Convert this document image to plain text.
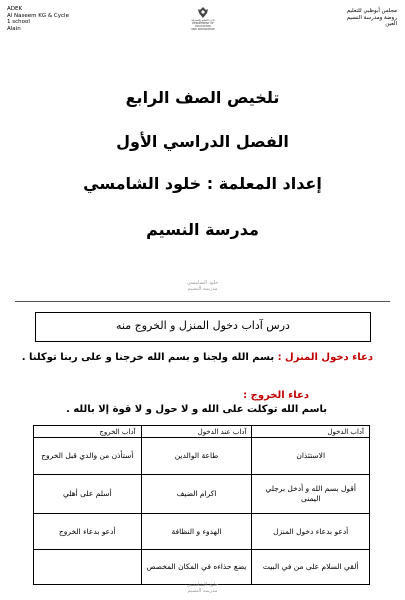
ADEK
Al Naseem KG & Cycle
1 school
Alain
دائرة التعليم والمعرفة
DEPARTMENT OF EDUCATION
AND KNOWLEDGE
مجلس أبوظبي للتعليم
روضة ومدرسة النسيم
العين
تلخيص الصف الرابع
الفصل الدراسي الأول
إعداد المعلمة : خلود الشامسي
مدرسة النسيم
خلود الشامسي
مدرسة النسيم
درس آداب دخول المنزل و الخروج منه
دعاء دخول المنزل : بسم الله ولجنا و بسم الله خرجنا و على ربنا توكلنا .
دعاء الخروج :
باسم الله توكلت على الله و لا حول و لا قوة إلا بالله .
آداب الدخول	آداب عند الدخول	آداب الخروج
الاستئذان	طاعة الوالدين	أستأذن من والدي قبل الخروج
أقول بسم الله و أدخل برجلي اليمنى	اكرام الضيف	أسلم على أهلي
أدعو بدعاء دخول المنزل	الهدوء و النظافة	أدعو بدعاء الخروج
ألقي السلام على من في البيت	يضع حذاءه في المكان المخصص	
خلود الشامسي
مدرسة النسيم
